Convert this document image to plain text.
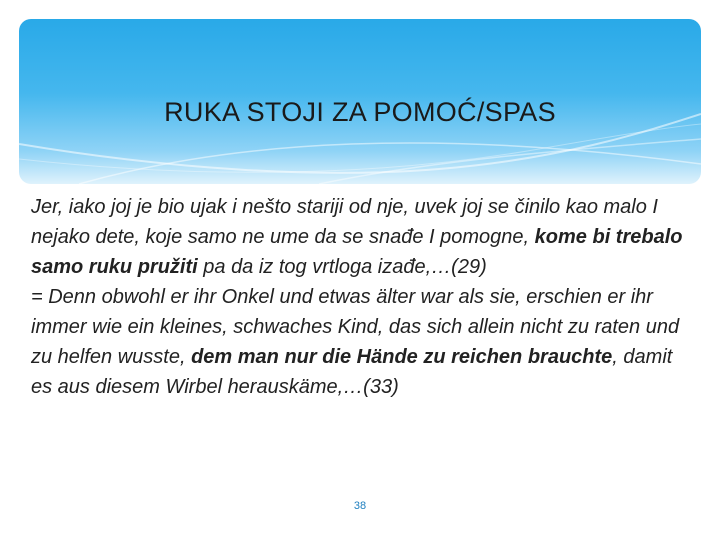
RUKA STOJI ZA POMOĆ/SPAS

Jer, iako joj je bio ujak i nešto stariji od nje, uvek joj se činilo kao malo I nejako dete, koje samo ne ume da se snađe I pomogne, kome bi trebalo samo ruku pružiti pa da iz tog vrtloga izađe,…(29)

= Denn obwohl er ihr Onkel und etwas älter war als sie, erschien er ihr immer wie ein kleines, schwaches Kind, das sich allein nicht zu raten und zu helfen wusste, dem man nur die Hände zu reichen brauchte, damit es aus diesem Wirbel herauskäme,…(33)

38
